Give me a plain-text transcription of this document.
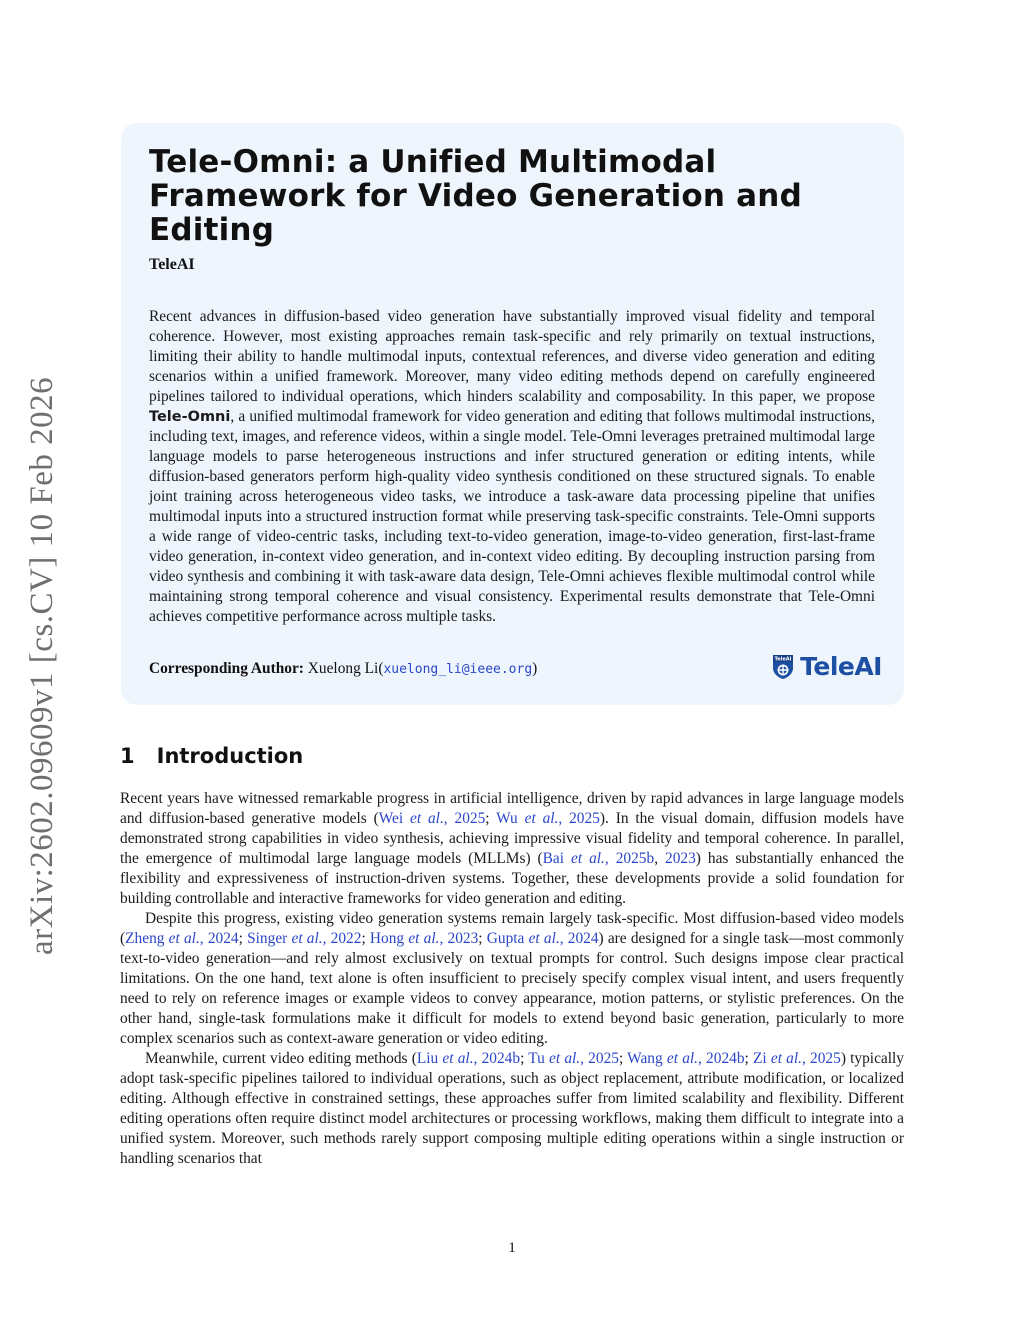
arXiv:2602.09609v1 [cs.CV] 10 Feb 2026
Tele-Omni: a Unified Multimodal Framework for Video Generation and Editing
TeleAI
Recent advances in diffusion-based video generation have substantially improved visual fidelity and temporal coherence. However, most existing approaches remain task-specific and rely primarily on textual instructions, limiting their ability to handle multimodal inputs, contextual references, and diverse video generation and editing scenarios within a unified framework. Moreover, many video editing methods depend on carefully engineered pipelines tailored to individual operations, which hinders scalability and composability. In this paper, we propose Tele-Omni, a unified multimodal framework for video generation and editing that follows multimodal instructions, including text, images, and reference videos, within a single model. Tele-Omni leverages pretrained multimodal large language models to parse heterogeneous instructions and infer structured generation or editing intents, while diffusion-based generators perform high-quality video synthesis conditioned on these structured signals. To enable joint training across heterogeneous video tasks, we introduce a task-aware data processing pipeline that unifies multimodal inputs into a structured instruction format while preserving task-specific constraints. Tele-Omni supports a wide range of video-centric tasks, including text-to-video generation, image-to-video generation, first-last-frame video generation, in-context video generation, and in-context video editing. By decoupling instruction parsing from video synthesis and combining it with task-aware data design, Tele-Omni achieves flexible multimodal control while maintaining strong temporal coherence and visual consistency. Experimental results demonstrate that Tele-Omni achieves competitive performance across multiple tasks.
Corresponding Author: Xuelong Li(xuelong_li@ieee.org)
TeleAI TeleAI
1 Introduction

Recent years have witnessed remarkable progress in artificial intelligence, driven by rapid advances in large language models and diffusion-based generative models (Wei et al., 2025; Wu et al., 2025). In the visual domain, diffusion models have demonstrated strong capabilities in video synthesis, achieving impressive visual fidelity and temporal coherence. In parallel, the emergence of multimodal large language models (MLLMs) (Bai et al., 2025b, 2023) has substantially enhanced the flexibility and expressiveness of instruction-driven systems. Together, these developments provide a solid foundation for building controllable and interactive frameworks for video generation and editing.

Despite this progress, existing video generation systems remain largely task-specific. Most diffusion-based video models (Zheng et al., 2024; Singer et al., 2022; Hong et al., 2023; Gupta et al., 2024) are designed for a single task—most commonly text-to-video generation—and rely almost exclusively on textual prompts for control. Such designs impose clear practical limitations. On the one hand, text alone is often insufficient to precisely specify complex visual intent, and users frequently need to rely on reference images or example videos to convey appearance, motion patterns, or stylistic preferences. On the other hand, single-task formulations make it difficult for models to extend beyond basic generation, particularly to more complex scenarios such as context-aware generation or video editing.

Meanwhile, current video editing methods (Liu et al., 2024b; Tu et al., 2025; Wang et al., 2024b; Zi et al., 2025) typically adopt task-specific pipelines tailored to individual operations, such as object replacement, attribute modification, or localized editing. Although effective in constrained settings, these approaches suffer from limited scalability and flexibility. Different editing operations often require distinct model architectures or processing workflows, making them difficult to integrate into a unified system. Moreover, such methods rarely support composing multiple editing operations within a single instruction or handling scenarios that

1
